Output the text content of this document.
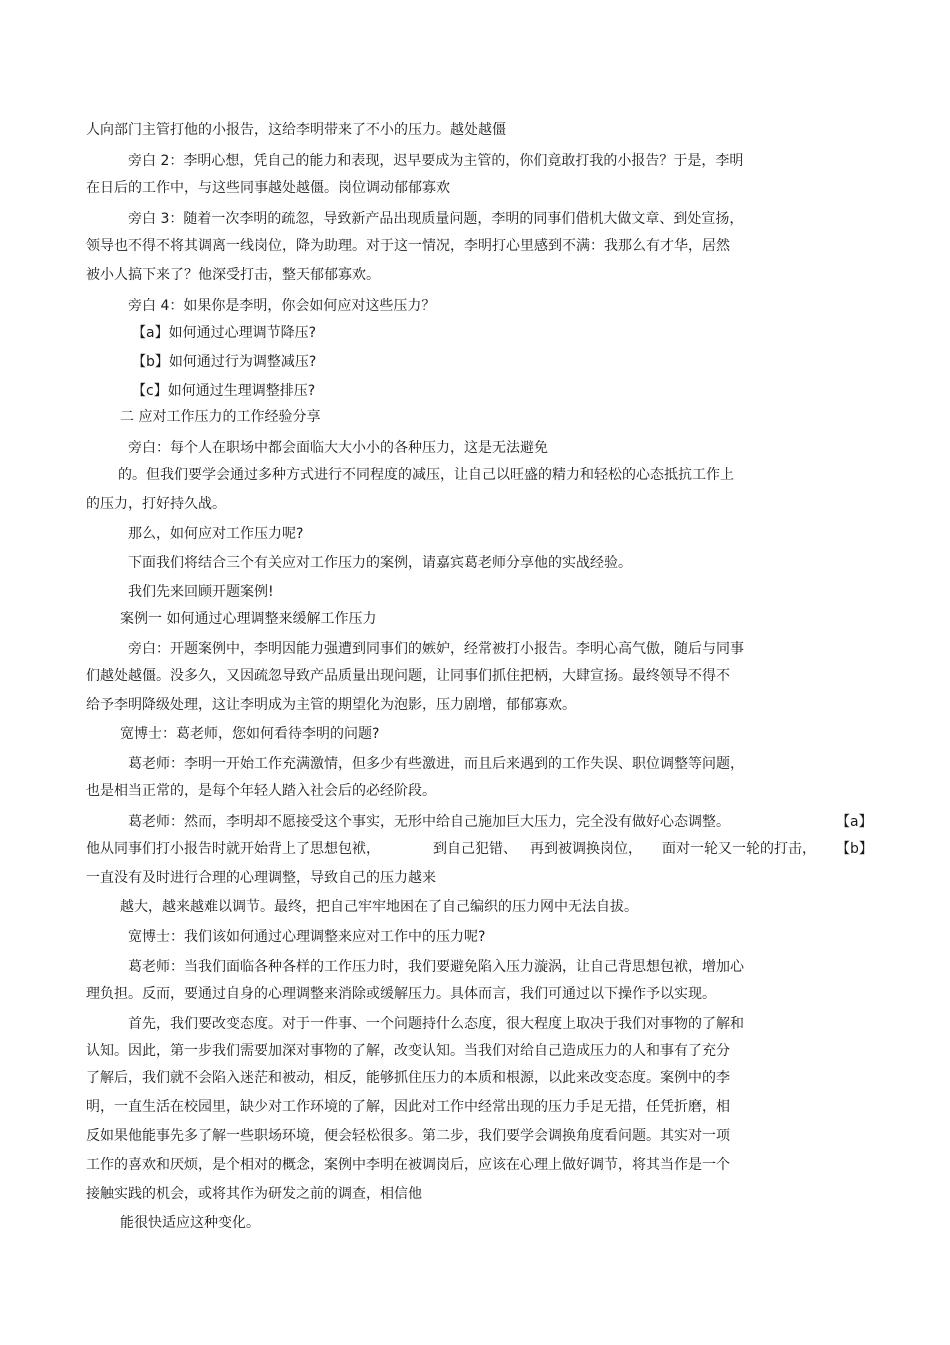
人向部门主管打他的小报告，这给李明带来了不小的压力。越处越僵
旁白 2：李明心想，凭自己的能力和表现，迟早要成为主管的，你们竟敢打我的小报告？于是，李明
在日后的工作中，与这些同事越处越僵。岗位调动郁郁寡欢
旁白 3：随着一次李明的疏忽，导致新产品出现质量问题，李明的同事们借机大做文章、到处宣扬，
领导也不得不将其调离一线岗位，降为助理。对于这一情况，李明打心里感到不满：我那么有才华，居然
被小人搞下来了？他深受打击，整天郁郁寡欢。
旁白 4：如果你是李明，你会如何应对这些压力？
【a】如何通过心理调节降压?
【b】如何通过行为调整减压?
【c】如何通过生理调整排压?
二 应对工作压力的工作经验分享
旁白：每个人在职场中都会面临大大小小的各种压力，这是无法避免
的。但我们要学会通过多种方式进行不同程度的减压，让自己以旺盛的精力和轻松的心态抵抗工作上
的压力，打好持久战。
那么，如何应对工作压力呢?
下面我们将结合三个有关应对工作压力的案例，请嘉宾葛老师分享他的实战经验。
我们先来回顾开题案例!
案例一 如何通过心理调整来缓解工作压力
旁白：开题案例中，李明因能力强遭到同事们的嫉妒，经常被打小报告。李明心高气傲，随后与同事
们越处越僵。没多久，又因疏忽导致产品质量出现问题，让同事们抓住把柄，大肆宣扬。最终领导不得不
给予李明降级处理，这让李明成为主管的期望化为泡影，压力剧增，郁郁寡欢。
宽博士：葛老师，您如何看待李明的问题?
葛老师：李明一开始工作充满激情，但多少有些激进，而且后来遇到的工作失误、职位调整等问题，
也是相当正常的，是每个年轻人踏入社会后的必经阶段。
葛老师：然而，李明却不愿接受这个事实，无形中给自己施加巨大压力，完全没有做好心态调整。	【a】
他从同事们打小报告时就开始背上了思想包袱，	到自己犯错、 再到被调换岗位， 面对一轮又一轮的打击， 【b】
一直没有及时进行合理的心理调整，导致自己的压力越来
越大，越来越难以调节。最终，把自己牢牢地困在了自己编织的压力网中无法自拔。
宽博士：我们该如何通过心理调整来应对工作中的压力呢?
葛老师：当我们面临各种各样的工作压力时，我们要避免陷入压力漩涡，让自己背思想包袱，增加心
理负担。反而，要通过自身的心理调整来消除或缓解压力。具体而言，我们可通过以下操作予以实现。
首先，我们要改变态度。对于一件事、一个问题持什么态度，很大程度上取决于我们对事物的了解和
认知。因此，第一步我们需要加深对事物的了解，改变认知。当我们对给自己造成压力的人和事有了充分
了解后，我们就不会陷入迷茫和被动，相反，能够抓住压力的本质和根源，以此来改变态度。案例中的李
明，一直生活在校园里，缺少对工作环境的了解，因此对工作中经常出现的压力手足无措，任凭折磨，相
反如果他能事先多了解一些职场环境，便会轻松很多。第二步，我们要学会调换角度看问题。其实对一项
工作的喜欢和厌烦，是个相对的概念，案例中李明在被调岗后，应该在心理上做好调节，将其当作是一个
接触实践的机会，或将其作为研发之前的调查，相信他
能很快适应这种变化。
